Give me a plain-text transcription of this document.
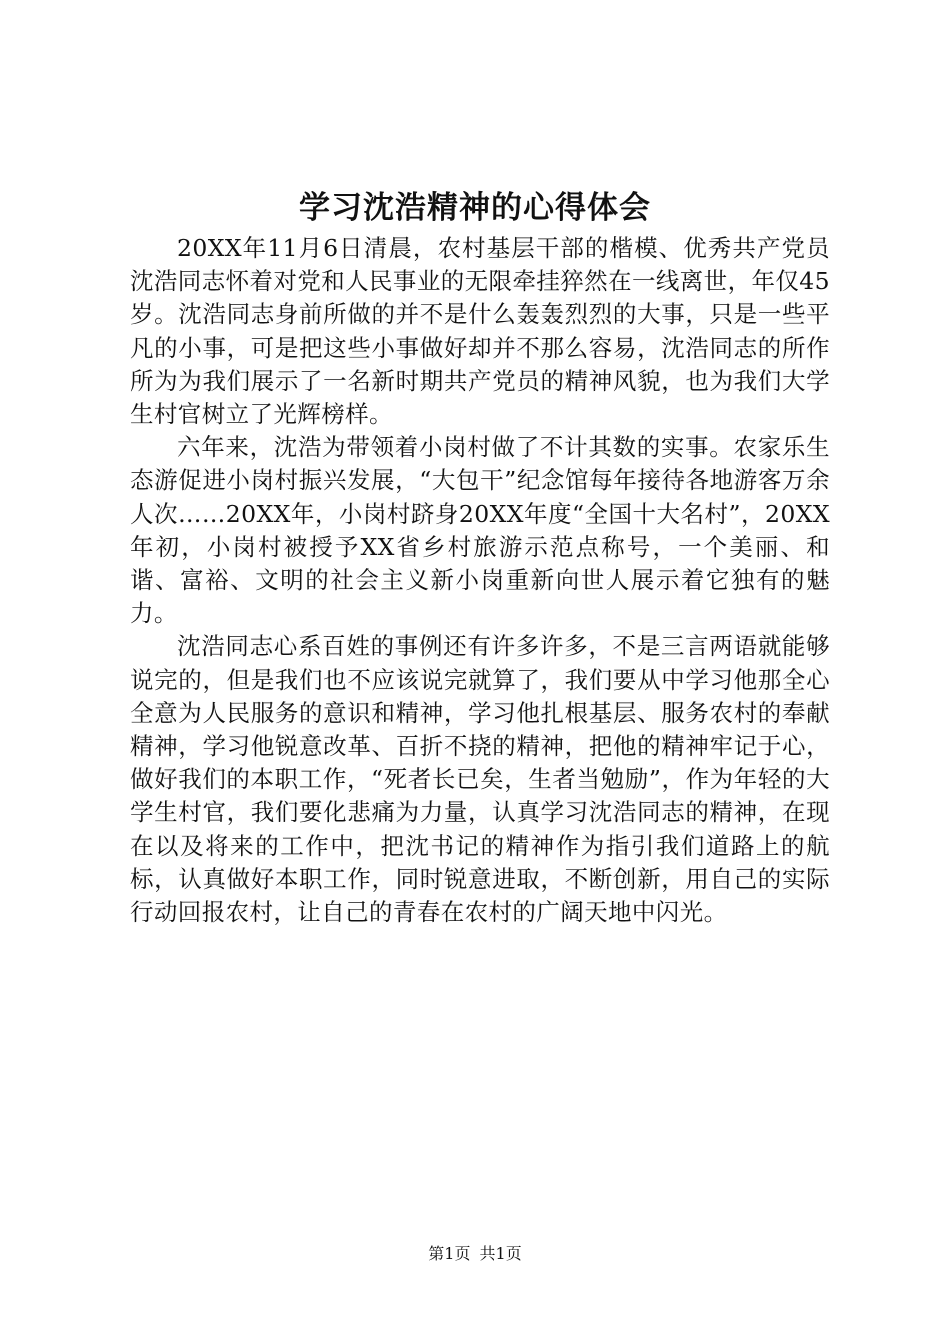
学习沈浩精神的心得体会

20XX年11月6日清晨，农村基层干部的楷模、优秀共产党员沈浩同志怀着对党和人民事业的无限牵挂猝然在一线离世，年仅45岁。沈浩同志身前所做的并不是什么轰轰烈烈的大事，只是一些平凡的小事，可是把这些小事做好却并不那么容易，沈浩同志的所作所为为我们展示了一名新时期共产党员的精神风貌，也为我们大学生村官树立了光辉榜样。

六年来，沈浩为带领着小岗村做了不计其数的实事。农家乐生态游促进小岗村振兴发展，“大包干”纪念馆每年接待各地游客万余人次……20XX年，小岗村跻身20XX年度“全国十大名村”，20XX年初，小岗村被授予XX省乡村旅游示范点称号，一个美丽、和谐、富裕、文明的社会主义新小岗重新向世人展示着它独有的魅力。

沈浩同志心系百姓的事例还有许多许多，不是三言两语就能够说完的，但是我们也不应该说完就算了，我们要从中学习他那全心全意为人民服务的意识和精神，学习他扎根基层、服务农村的奉献精神，学习他锐意改革、百折不挠的精神，把他的精神牢记于心，做好我们的本职工作，“死者长已矣，生者当勉励”，作为年轻的大学生村官，我们要化悲痛为力量，认真学习沈浩同志的精神，在现在以及将来的工作中，把沈书记的精神作为指引我们道路上的航标，认真做好本职工作，同时锐意进取，不断创新，用自己的实际行动回报农村，让自己的青春在农村的广阔天地中闪光。

第1页 共1页
